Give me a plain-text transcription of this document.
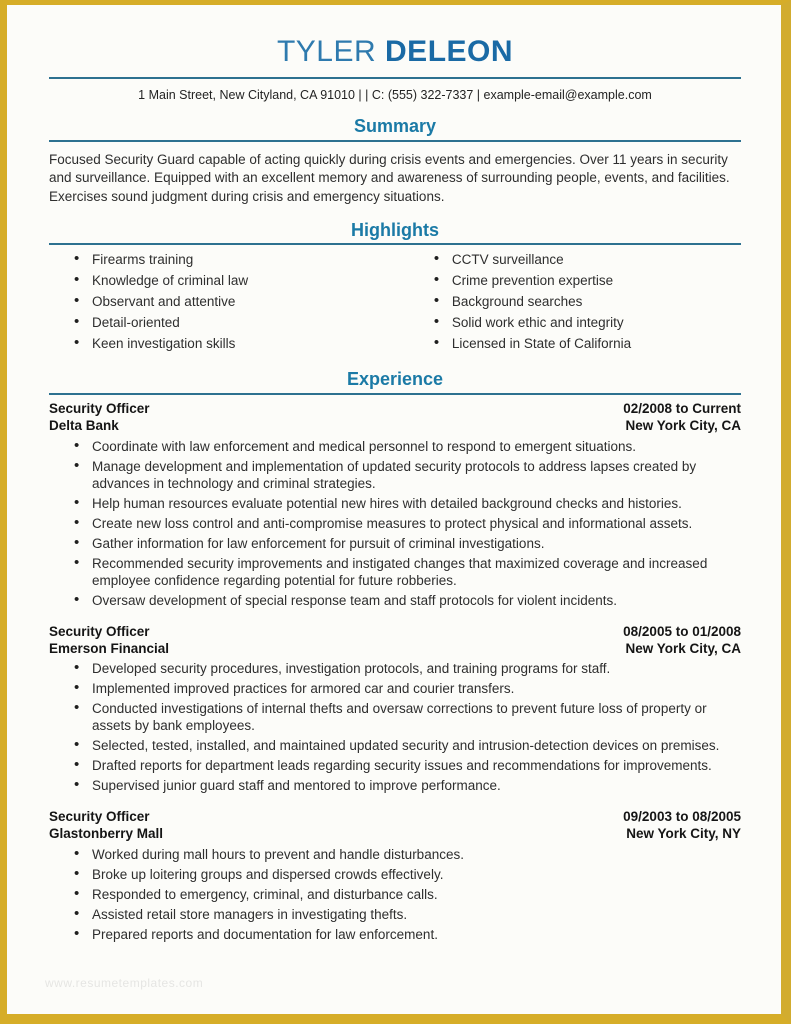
TYLER DELEON
1 Main Street, New Cityland, CA 91010 | | C: (555) 322-7337 | example-email@example.com
Summary

Focused Security Guard capable of acting quickly during crisis events and emergencies. Over 11 years in security and surveillance. Equipped with an excellent memory and awareness of surrounding people, events, and facilities. Exercises sound judgment during crisis and emergency situations.

Highlights
• Firearms training
• Knowledge of criminal law
• Observant and attentive
• Detail-oriented
• Keen investigation skills
• CCTV surveillance
• Crime prevention expertise
• Background searches
• Solid work ethic and integrity
• Licensed in State of California
Experience
Security Officer	02/2008 to Current
Delta Bank	New York City, CA
• Coordinate with law enforcement and medical personnel to respond to emergent situations.
• Manage development and implementation of updated security protocols to address lapses created by advances in technology and criminal strategies.
• Help human resources evaluate potential new hires with detailed background checks and histories.
• Create new loss control and anti-compromise measures to protect physical and informational assets.
• Gather information for law enforcement for pursuit of criminal investigations.
• Recommended security improvements and instigated changes that maximized coverage and increased employee confidence regarding potential for future robberies.
• Oversaw development of special response team and staff protocols for violent incidents.
Security Officer	08/2005 to 01/2008
Emerson Financial	New York City, CA
• Developed security procedures, investigation protocols, and training programs for staff.
• Implemented improved practices for armored car and courier transfers.
• Conducted investigations of internal thefts and oversaw corrections to prevent future loss of property or assets by bank employees.
• Selected, tested, installed, and maintained updated security and intrusion-detection devices on premises.
• Drafted reports for department leads regarding security issues and recommendations for improvements.
• Supervised junior guard staff and mentored to improve performance.
Security Officer	09/2003 to 08/2005
Glastonberry Mall	New York City, NY
• Worked during mall hours to prevent and handle disturbances.
• Broke up loitering groups and dispersed crowds effectively.
• Responded to emergency, criminal, and disturbance calls.
• Assisted retail store managers in investigating thefts.
• Prepared reports and documentation for law enforcement.
www.resumetemplates.com
